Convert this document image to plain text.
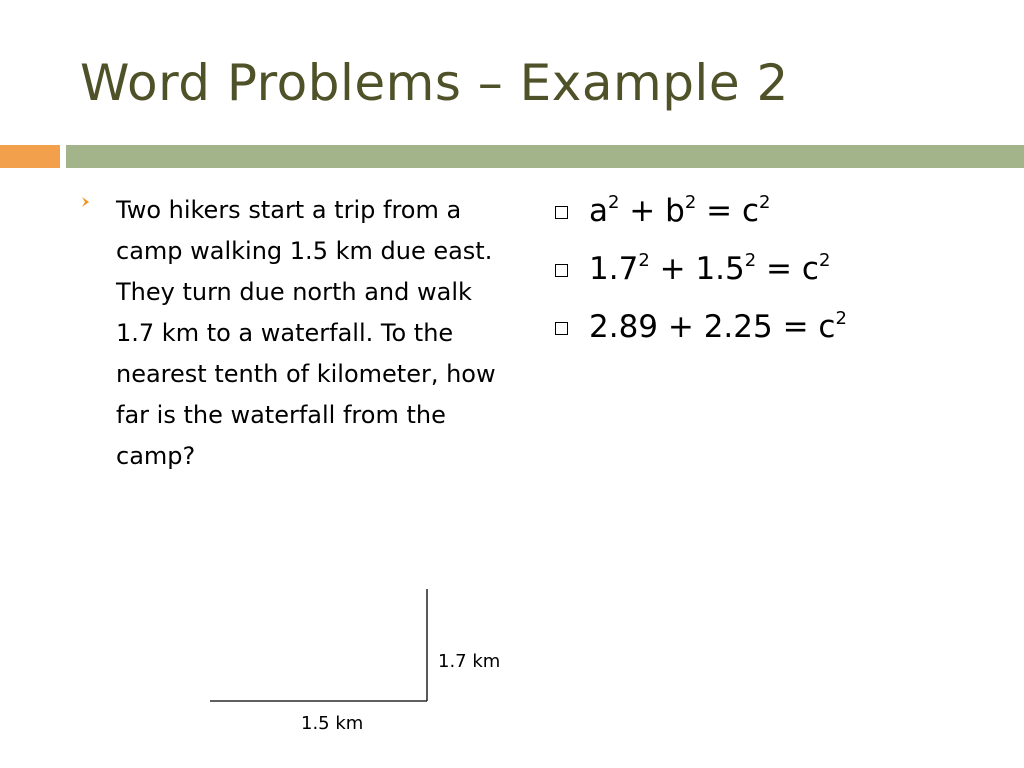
Word Problems – Example 2
Two hikers start a trip from a camp walking 1.5 km due east. They turn due north and walk 1.7 km to a waterfall. To the nearest tenth of kilometer, how far is the waterfall from the camp?
$a^2 + b^2 = c^2$
$1.7^2 + 1.5^2 = c^2$
$2.89 + 2.25 = c^2$
1.7 km
1.5 km
